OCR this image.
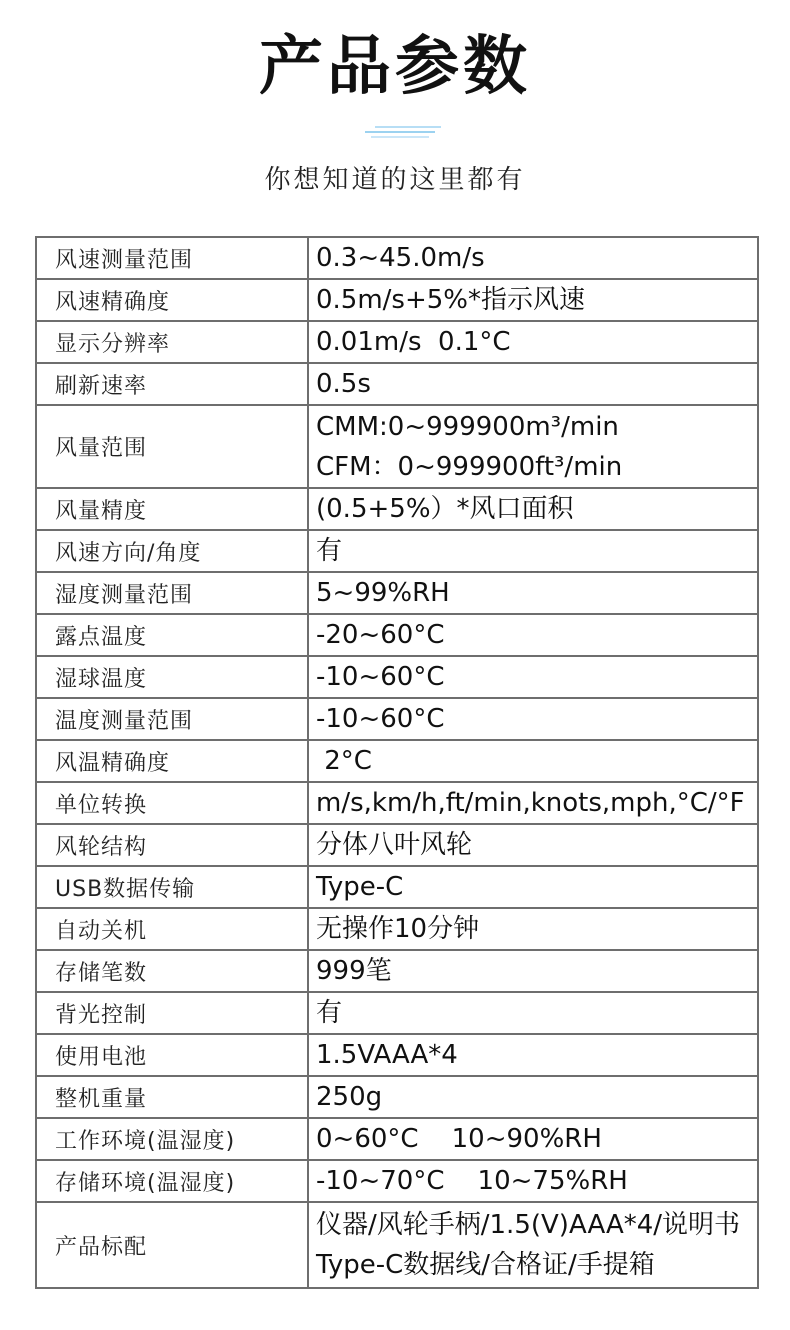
产品参数
你想知道的这里都有
风速测量范围	0.3~45.0m/s

风速精确度	0.5m/s+5%*指示风速

显示分辨率	0.01m/s  0.1°C

刷新速率	0.5s

风量范围	CMM:0~999900m³/min
CFM：0~999900ft³/min

风量精度	(0.5+5%）*风口面积

风速方向/角度	有

湿度测量范围	5~99%RH

露点温度	-20~60°C

湿球温度	-10~60°C

温度测量范围	-10~60°C

风温精确度	2°C

单位转换	m/s,km/h,ft/min,knots,mph,°C/°F

风轮结构	分体八叶风轮

USB数据传输	Type-C

自动关机	无操作10分钟

存储笔数	999笔

背光控制	有

使用电池	1.5VAAA*4

整机重量	250g

工作环境(温湿度)	0~60°C    10~90%RH

存储环境(温湿度)	-10~70°C    10~75%RH

产品标配	仪器/风轮手柄/1.5(V)AAA*4/说明书
Type-C数据线/合格证/手提箱
